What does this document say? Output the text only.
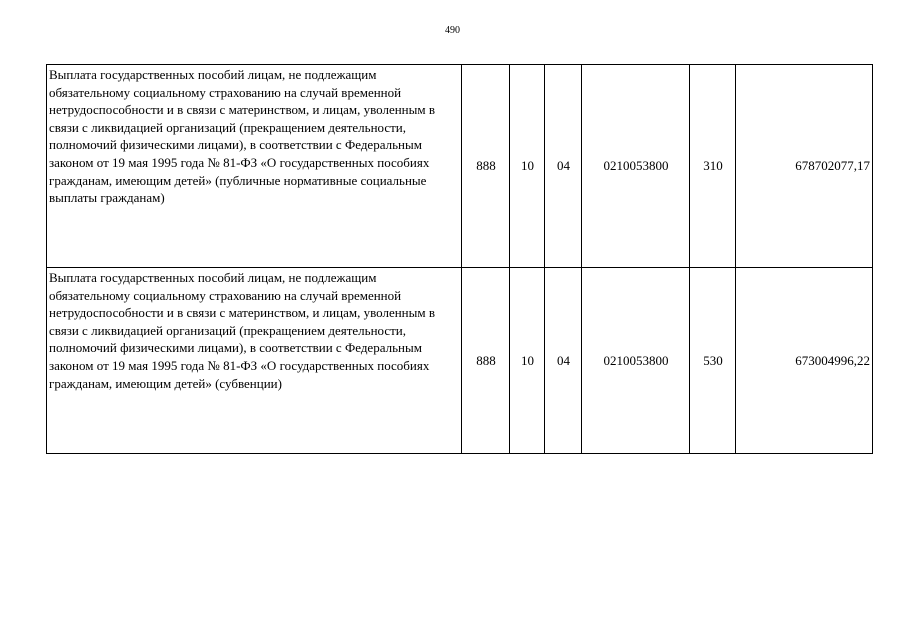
490
Выплата государственных пособий лицам, не подлежащим обязательному социальному страхованию на случай временной нетрудоспособности и в связи с материнством, и лицам, уволенным в связи с ликвидацией организаций (прекращением деятельности, полномочий физическими лицами), в соответствии с Федеральным законом от 19 мая 1995 года № 81-ФЗ «О государственных пособиях гражданам, имеющим детей» (публичные нормативные социальные выплаты гражданам)	888	10	04	0210053800	310	678702077,17
Выплата государственных пособий лицам, не подлежащим обязательному социальному страхованию на случай временной нетрудоспособности и в связи с материнством, и лицам, уволенным в связи с ликвидацией организаций (прекращением деятельности, полномочий физическими лицами), в соответствии с Федеральным законом от 19 мая 1995 года № 81-ФЗ «О государственных пособиях гражданам, имеющим детей» (субвенции)	888	10	04	0210053800	530	673004996,22
